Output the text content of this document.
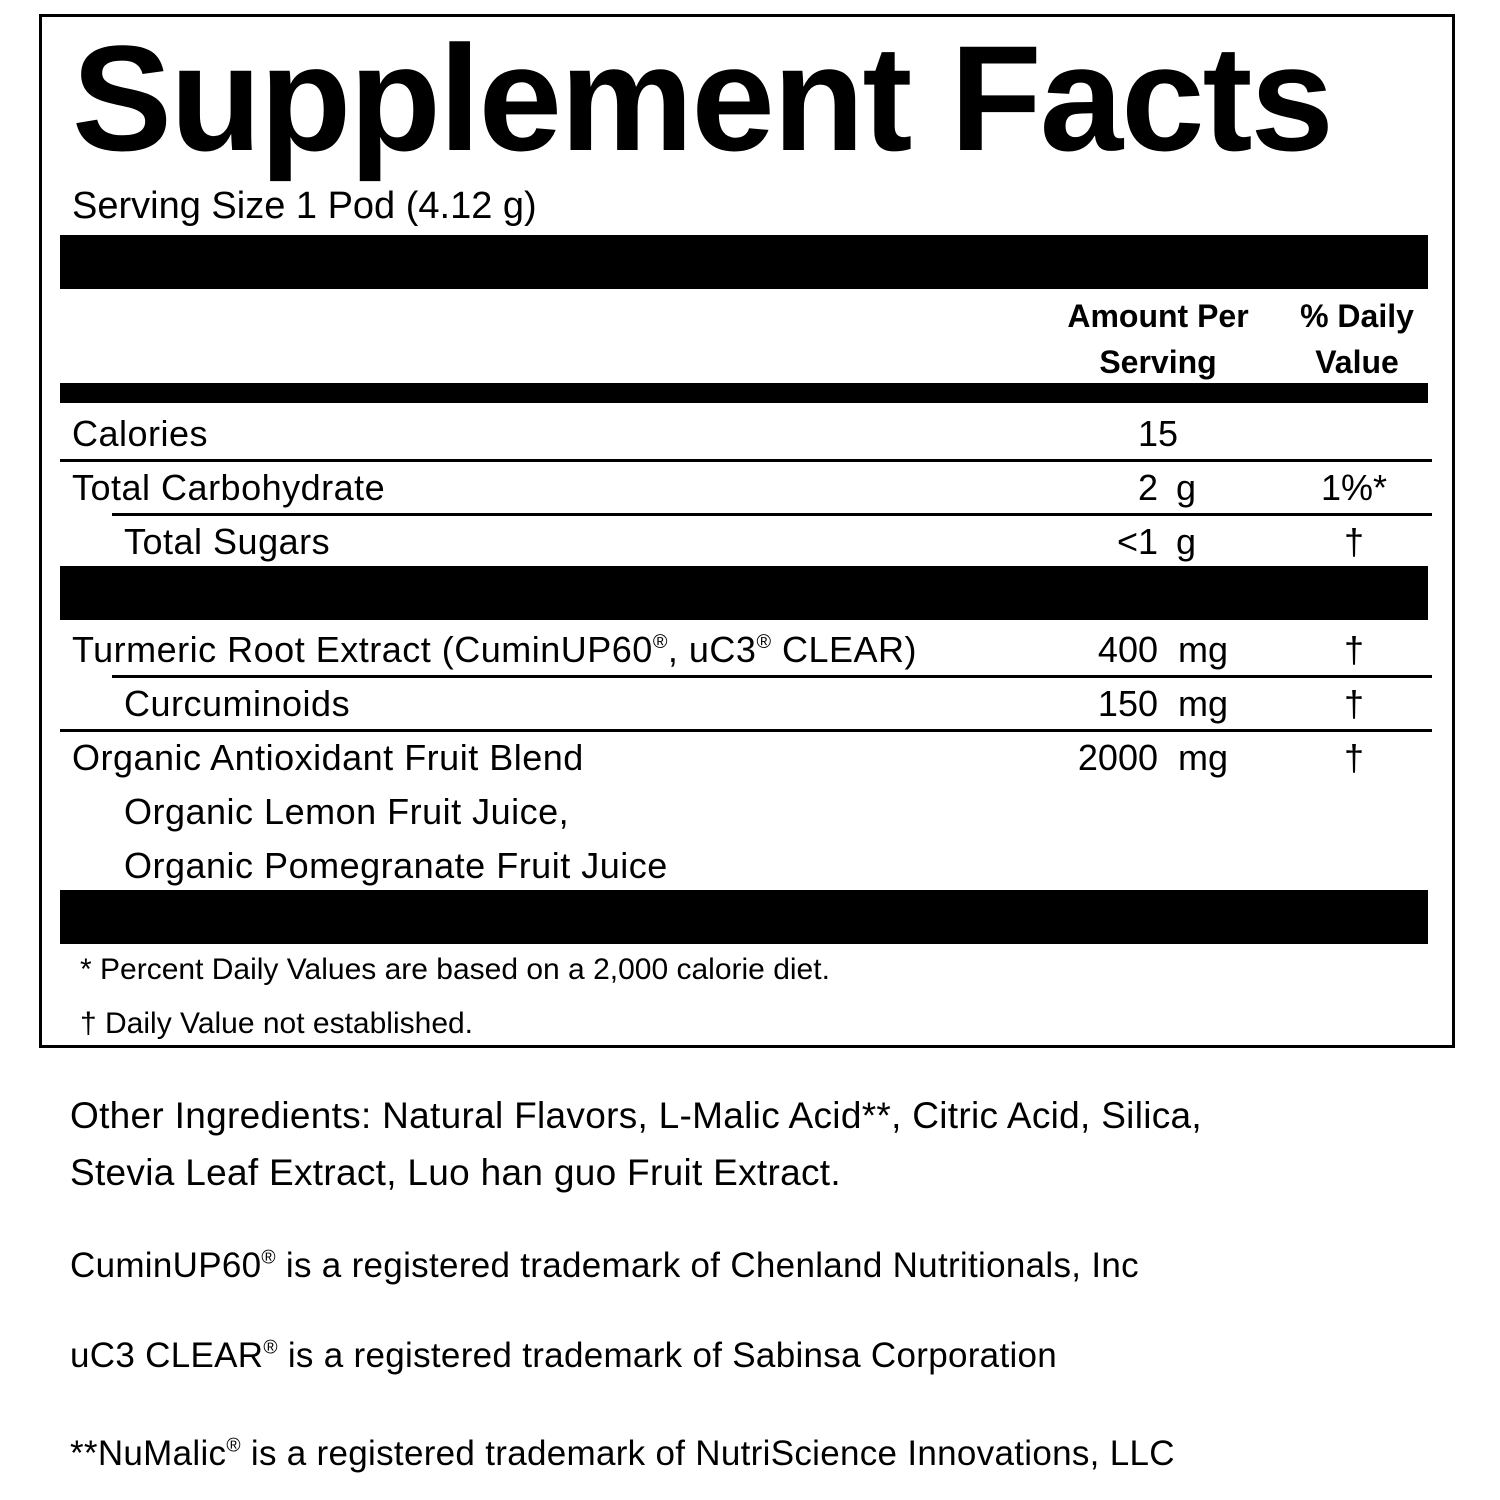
Supplement Facts
Serving Size 1 Pod (4.12 g)
Amount Per Serving
% Daily Value
Calories	15
Total Carbohydrate	2 g	1%*
Total Sugars	<1 g	†
Turmeric Root Extract (CuminUP60®, uC3® CLEAR)	400 mg	†
Curcuminoids	150 mg	†
Organic Antioxidant Fruit Blend	2000 mg	†
Organic Lemon Fruit Juice,
Organic Pomegranate Fruit Juice
* Percent Daily Values are based on a 2,000 calorie diet.
† Daily Value not established.
Other Ingredients: Natural Flavors, L-Malic Acid**, Citric Acid, Silica,
Stevia Leaf Extract, Luo han guo Fruit Extract.
CuminUP60® is a registered trademark of Chenland Nutritionals, Inc
uC3 CLEAR® is a registered trademark of Sabinsa Corporation
**NuMalic® is a registered trademark of NutriScience Innovations, LLC
